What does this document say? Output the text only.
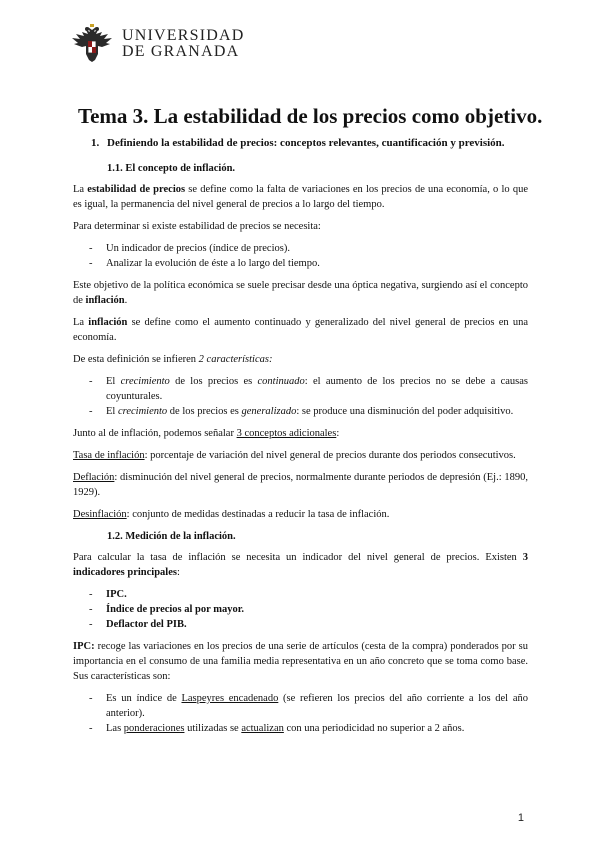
UNIVERSIDAD
DE GRANADA
Tema 3. La estabilidad de los precios como objetivo.
1. Definiendo la estabilidad de precios: conceptos relevantes, cuantificación y previsión.
1.1. El concepto de inflación.

La estabilidad de precios se define como la falta de variaciones en los precios de una economía, o lo que es igual, la permanencia del nivel general de precios a lo largo del tiempo.

Para determinar si existe estabilidad de precios se necesita:

-	Un indicador de precios (índice de precios).
-	Analizar la evolución de éste a lo largo del tiempo.

Este objetivo de la política económica se suele precisar desde una óptica negativa, surgiendo así el concepto de inflación.

La inflación se define como el aumento continuado y generalizado del nivel general de precios en una economía.

De esta definición se infieren 2 características:

-	El crecimiento de los precios es continuado: el aumento de los precios no se debe a causas coyunturales.
-	El crecimiento de los precios es generalizado: se produce una disminución del poder adquisitivo.

Junto al de inflación, podemos señalar 3 conceptos adicionales:

Tasa de inflación: porcentaje de variación del nivel general de precios durante dos periodos consecutivos.

Deflación: disminución del nivel general de precios, normalmente durante periodos de depresión (Ej.: 1890, 1929).

Desinflación: conjunto de medidas destinadas a reducir la tasa de inflación.

1.2. Medición de la inflación.

Para calcular la tasa de inflación se necesita un indicador del nivel general de precios. Existen 3 indicadores principales:

-	IPC.
-	Índice de precios al por mayor.
-	Deflactor del PIB.

IPC: recoge las variaciones en los precios de una serie de artículos (cesta de la compra) ponderados por su importancia en el consumo de una familia media representativa en un año concreto que se toma como base. Sus características son:

-	Es un índice de Laspeyres encadenado (se refieren los precios del año corriente a los del año anterior).
-	Las ponderaciones utilizadas se actualizan con una periodicidad no superior a 2 años.
1
